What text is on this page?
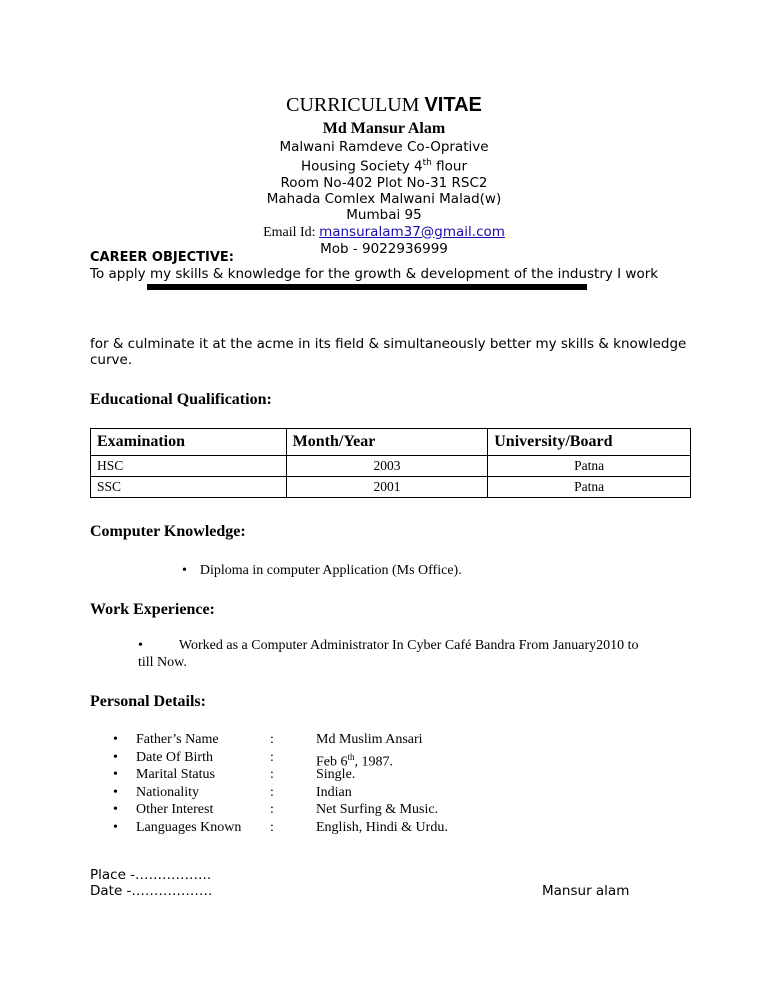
CURRICULUM VITAE
Md Mansur Alam
Malwani Ramdeve Co-Oprative
Housing Society 4th flour
Room No-402 Plot No-31 RSC2
Mahada Comlex Malwani Malad(w)
Mumbai 95
Email Id: mansuralam37@gmail.com
Mob - 9022936999
CAREER OBJECTIVE:
To apply my skills & knowledge for the growth & development of the industry I work
for & culminate it at the acme in its field & simultaneously better my skills & knowledge curve.
Educational Qualification:
Examination	Month/Year	University/Board
HSC	2003	Patna
SSC	2001	Patna
Computer Knowledge:
• Diploma in computer Application (Ms Office).
Work Experience:
•	Worked as a Computer Administrator In Cyber Café Bandra From January2010 to
till Now.
Personal Details:
• Father’s Name	:	Md Muslim Ansari
• Date Of Birth	:	Feb 6th, 1987.
• Marital Status	:	Single.
• Nationality	:	Indian
• Other Interest	:	Net Surfing & Music.
• Languages Known :	English, Hindi & Urdu.
Place -……………..
Date -………………	Mansur alam
